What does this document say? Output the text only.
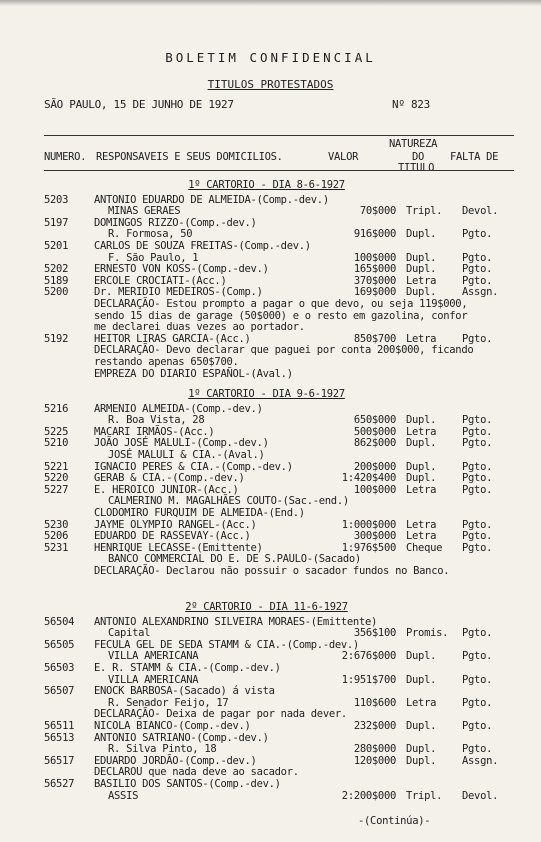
BOLETIM CONFIDENCIAL
TITULOS PROTESTADOS
SÃO PAULO, 15 DE JUNHO DE 1927	Nº 823
NUMERO. RESPONSAVEIS E SEUS DOMICILIOS.	VALOR
NATUREZA
DO
TITULO
FALTA DE
1º CARTORIO - DIA 8-6-1927
5203 ANTONIO EDUARDO DE ALMEIDA-(Comp.-dev.)
MINAS GERAES	70$000 Tripl. Devol.
5197 DOMINGOS RIZZO-(Comp.-dev.)
R. Formosa, 50	916$000 Dupl. Pgto.
5201 CARLOS DE SOUZA FREITAS-(Comp.-dev.)
F. São Paulo, 1	100$000 Dupl. Pgto.
5202 ERNESTO VON KOSS-(Comp.-dev.)	165$000 Dupl. Pgto.
5189 ERCOLE CROCIATI-(Acc.)	370$000 Letra Pgto.
5200 Dr. MERIDIO MEDEIROS-(Comp.)	169$000 Dupl. Assgn.
DECLARAÇÃO- Estou prompto a pagar o que devo, ou seja 119$000,
sendo 15 dias de garage (50$000) e o resto em gazolina, confor
me declarei duas vezes ao portador.
5192 HEITOR LIRAS GARCIA-(Acc.)	850$700 Letra Pgto.
DECLARAÇÃO- Devo declarar que paguei por conta 200$000, ficando
restando apenas 650$700.
EMPREZA DO DIARIO ESPAÑOL-(Aval.)
1º CARTORIO - DIA 9-6-1927
5216 ARMENIO ALMEIDA-(Comp.-dev.)
R. Boa Vista, 28	650$000 Dupl. Pgto.
5225 MACARI IRMÃOS-(Acc.)	500$000 Letra Pgto.
5210 JOÃO JOSÉ MALULI-(Comp.-dev.)	862$000 Dupl. Pgto.
JOSÉ MALULI & CIA.-(Aval.)
5221 IGNACIO PERES & CIA.-(Comp.-dev.)	200$000 Dupl. Pgto.
5220 GERAB & CIA.-(Comp.-dev.)	1:420$400 Dupl. Pgto.
5227 E. HEROICO JUNIOR-(Acc.)	100$000 Letra Pgto.
CALMERINO M. MAGALHÃES COUTO-(Sac.-end.)
CLODOMIRO FURQUIM DE ALMEIDA-(End.)
5230 JAYME OLYMPIO RANGEL-(Acc.)	1:000$000 Letra Pgto.
5206 EDUARDO DE RASSEVAY-(Acc.)	300$000 Letra Pgto.
5231 HENRIQUE LECASSE-(Emittente)	1:976$500 Cheque Pgto.
BANCO COMMERCIAL DO E. DE S.PAULO-(Sacado)
DECLARAÇÃO- Declarou não possuir o sacador fundos no Banco.
2º CARTORIO - DIA 11-6-1927
56504 ANTONIO ALEXANDRINO SILVEIRA MORAES-(Emittente)
Capital	356$100 Promis. Pgto.
56505 FECULA GEL DE SEDA STAMM & CIA.-(Comp.-dev.)
VILLA AMERICANA	2:676$000 Dupl. Pgto.
56503 E. R. STAMM & CIA.-(Comp.-dev.)
VILLA AMERICANA	1:951$700 Dupl. Pgto.
56507 ENOCK BARBOSA-(Sacado) á vista
R. Senador Feijo, 17	110$600 Letra Pgto.
DECLARAÇÃO- Deixa de pagar por nada dever.
56511 NICOLA BIANCO-(Comp.-dev.)	232$000 Dupl. Pgto.
56513 ANTONIO SATRIANO-(Comp.-dev.)
R. Silva Pinto, 18	280$000 Dupl. Pgto.
56517 EDUARDO JORDÃO-(Comp.-dev.)	120$000 Dupl. Assgn.
DECLAROU que nada deve ao sacador.
56527 BASILIO DOS SANTOS-(Comp.-dev.)
ASSIS	2:200$000 Tripl. Devol.
-(Continúa)-
